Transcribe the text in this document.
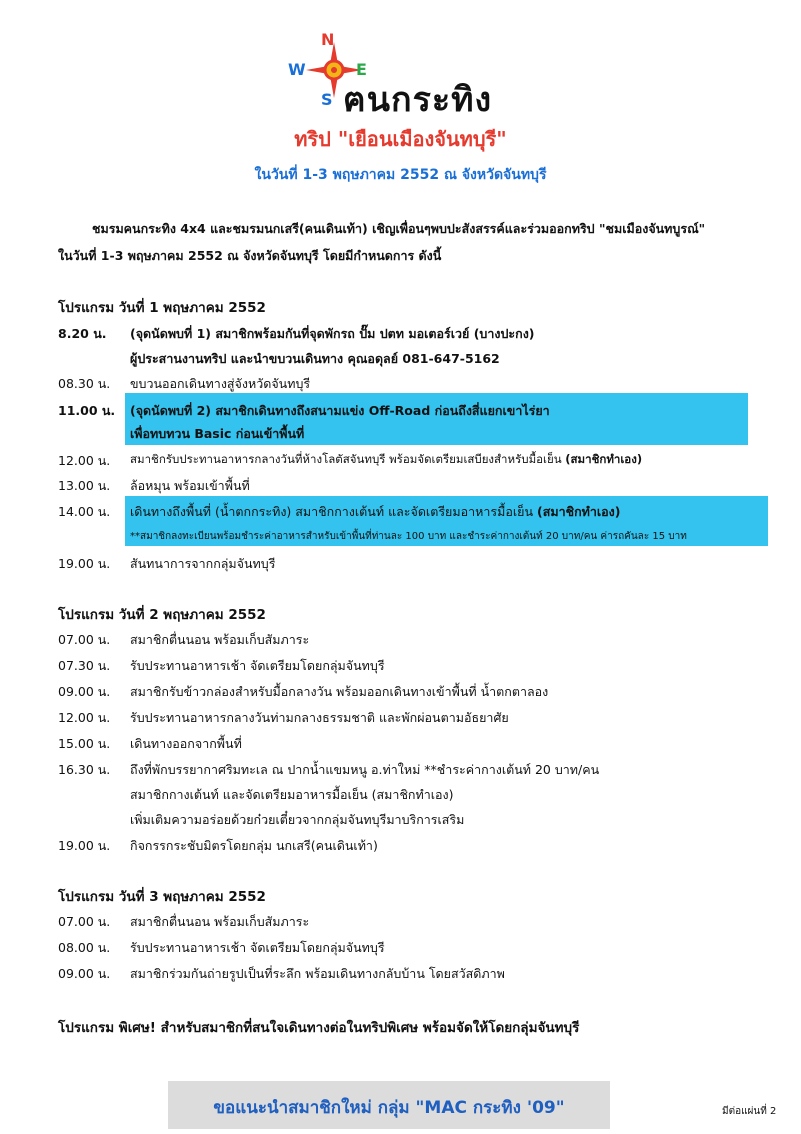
N
W	E
S ฅนกระทิง
ทริป "เยือนเมืองจันทบุรี"
ในวันที่ 1-3 พฤษภาคม 2552 ณ จังหวัดจันทบุรี
ชมรมคนกระทิง 4x4 และชมรมนกเสรี(คนเดินเท้า) เชิญเพื่อนๆพบปะสังสรรค์และร่วมออกทริป "ชมเมืองจันทบูรณ์"
ในวันที่ 1-3 พฤษภาคม 2552 ณ จังหวัดจันทบุรี โดยมีกำหนดการ ดังนี้
โปรแกรม วันที่ 1 พฤษภาคม 2552
8.20 น.	(จุดนัดพบที่ 1) สมาชิกพร้อมกันที่จุดพักรถ ปั๊ม ปตท มอเตอร์เวย์ (บางปะกง)
ผู้ประสานงานทริป และนำขบวนเดินทาง คุณอดุลย์ 081-647-5162
08.30 น.	ขบวนออกเดินทางสู่จังหวัดจันทบุรี
11.00 น.	(จุดนัดพบที่ 2) สมาชิกเดินทางถึงสนามแข่ง Off-Road ก่อนถึงสี่แยกเขาไร่ยา
เพื่อทบทวน Basic ก่อนเข้าพื้นที่
12.00 น.	สมาชิกรับประทานอาหารกลางวันที่ห้างโลตัสจันทบุรี พร้อมจัดเตรียมเสบียงสำหรับมื้อเย็น (สมาชิกทำเอง)
13.00 น.	ล้อหมุน พร้อมเข้าพื้นที่
14.00 น.	เดินทางถึงพื้นที่ (น้ำตกกระทิง) สมาชิกกางเต้นท์ และจัดเตรียมอาหารมื้อเย็น (สมาชิกทำเอง)
**สมาชิกลงทะเบียนพร้อมชำระค่าอาหารสำหรับเข้าพื้นที่ท่านละ 100 บาท และชำระค่ากางเต้นท์ 20 บาท/คน ค่ารถคันละ 15 บาท
19.00 น.	สันทนาการจากกลุ่มจันทบุรี
โปรแกรม วันที่ 2 พฤษภาคม 2552
07.00 น.	สมาชิกตื่นนอน พร้อมเก็บสัมภาระ
07.30 น.	รับประทานอาหารเช้า จัดเตรียมโดยกลุ่มจันทบุรี
09.00 น.	สมาชิกรับข้าวกล่องสำหรับมื้อกลางวัน พร้อมออกเดินทางเข้าพื้นที่ น้ำตกตาลอง
12.00 น.	รับประทานอาหารกลางวันท่ามกลางธรรมชาติ และพักผ่อนตามอัธยาศัย
15.00 น.	เดินทางออกจากพื้นที่
16.30 น.	ถึงที่พักบรรยากาศริมทะเล ณ ปากน้ำแขมหนู อ.ท่าใหม่ **ชำระค่ากางเต้นท์ 20 บาท/คน
สมาชิกกางเต้นท์ และจัดเตรียมอาหารมื้อเย็น (สมาชิกทำเอง)
เพิ่มเติมความอร่อยด้วยก๋วยเตี๋ยวจากกลุ่มจันทบุรีมาบริการเสริม
19.00 น.	กิจกรรกระชับมิตรโดยกลุ่ม นกเสรี(คนเดินเท้า)
โปรแกรม วันที่ 3 พฤษภาคม 2552
07.00 น.	สมาชิกตื่นนอน พร้อมเก็บสัมภาระ
08.00 น.	รับประทานอาหารเช้า จัดเตรียมโดยกลุ่มจันทบุรี
09.00 น.	สมาชิกร่วมกันถ่ายรูปเป็นที่ระลึก พร้อมเดินทางกลับบ้าน โดยสวัสดิภาพ
โปรแกรม พิเศษ! สำหรับสมาชิกที่สนใจเดินทางต่อในทริปพิเศษ พร้อมจัดให้โดยกลุ่มจันทบุรี
ขอแนะนำสมาชิกใหม่ กลุ่ม "MAC กระทิง '09"	มีต่อแผ่นที่ 2
